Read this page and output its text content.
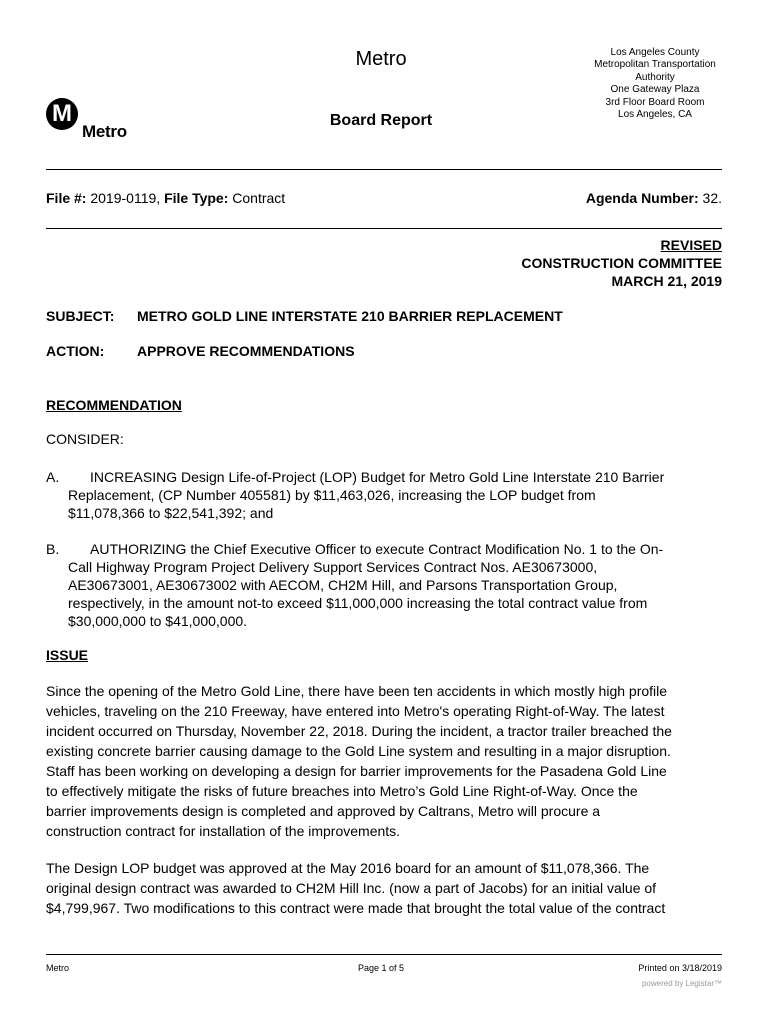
M
Metro
Metro
Board Report
Los Angeles County
Metropolitan Transportation
Authority
One Gateway Plaza
3rd Floor Board Room
Los Angeles, CA
File #: 2019-0119, File Type: Contract	Agenda Number: 32.
REVISED
CONSTRUCTION COMMITTEE
MARCH 21, 2019
SUBJECT: METRO GOLD LINE INTERSTATE 210 BARRIER REPLACEMENT
ACTION: APPROVE RECOMMENDATIONS
RECOMMENDATION
CONSIDER:
A.	INCREASING Design Life-of-Project (LOP) Budget for Metro Gold Line Interstate 210 Barrier
Replacement, (CP Number 405581) by $11,463,026, increasing the LOP budget from
$11,078,366 to $22,541,392; and
B.	AUTHORIZING the Chief Executive Officer to execute Contract Modification No. 1 to the On-
Call Highway Program Project Delivery Support Services Contract Nos. AE30673000,
AE30673001, AE30673002 with AECOM, CH2M Hill, and Parsons Transportation Group,
respectively, in the amount not-to exceed $11,000,000 increasing the total contract value from
$30,000,000 to $41,000,000.
ISSUE
Since the opening of the Metro Gold Line, there have been ten accidents in which mostly high profile
vehicles, traveling on the 210 Freeway, have entered into Metro's operating Right-of-Way. The latest
incident occurred on Thursday, November 22, 2018. During the incident, a tractor trailer breached the
existing concrete barrier causing damage to the Gold Line system and resulting in a major disruption.
Staff has been working on developing a design for barrier improvements for the Pasadena Gold Line
to effectively mitigate the risks of future breaches into Metro’s Gold Line Right-of-Way. Once the
barrier improvements design is completed and approved by Caltrans, Metro will procure a
construction contract for installation of the improvements.
The Design LOP budget was approved at the May 2016 board for an amount of $11,078,366. The
original design contract was awarded to CH2M Hill Inc. (now a part of Jacobs) for an initial value of
$4,799,967. Two modifications to this contract were made that brought the total value of the contract
Metro	Page 1 of 5	Printed on 3/18/2019
powered by Legistar™
